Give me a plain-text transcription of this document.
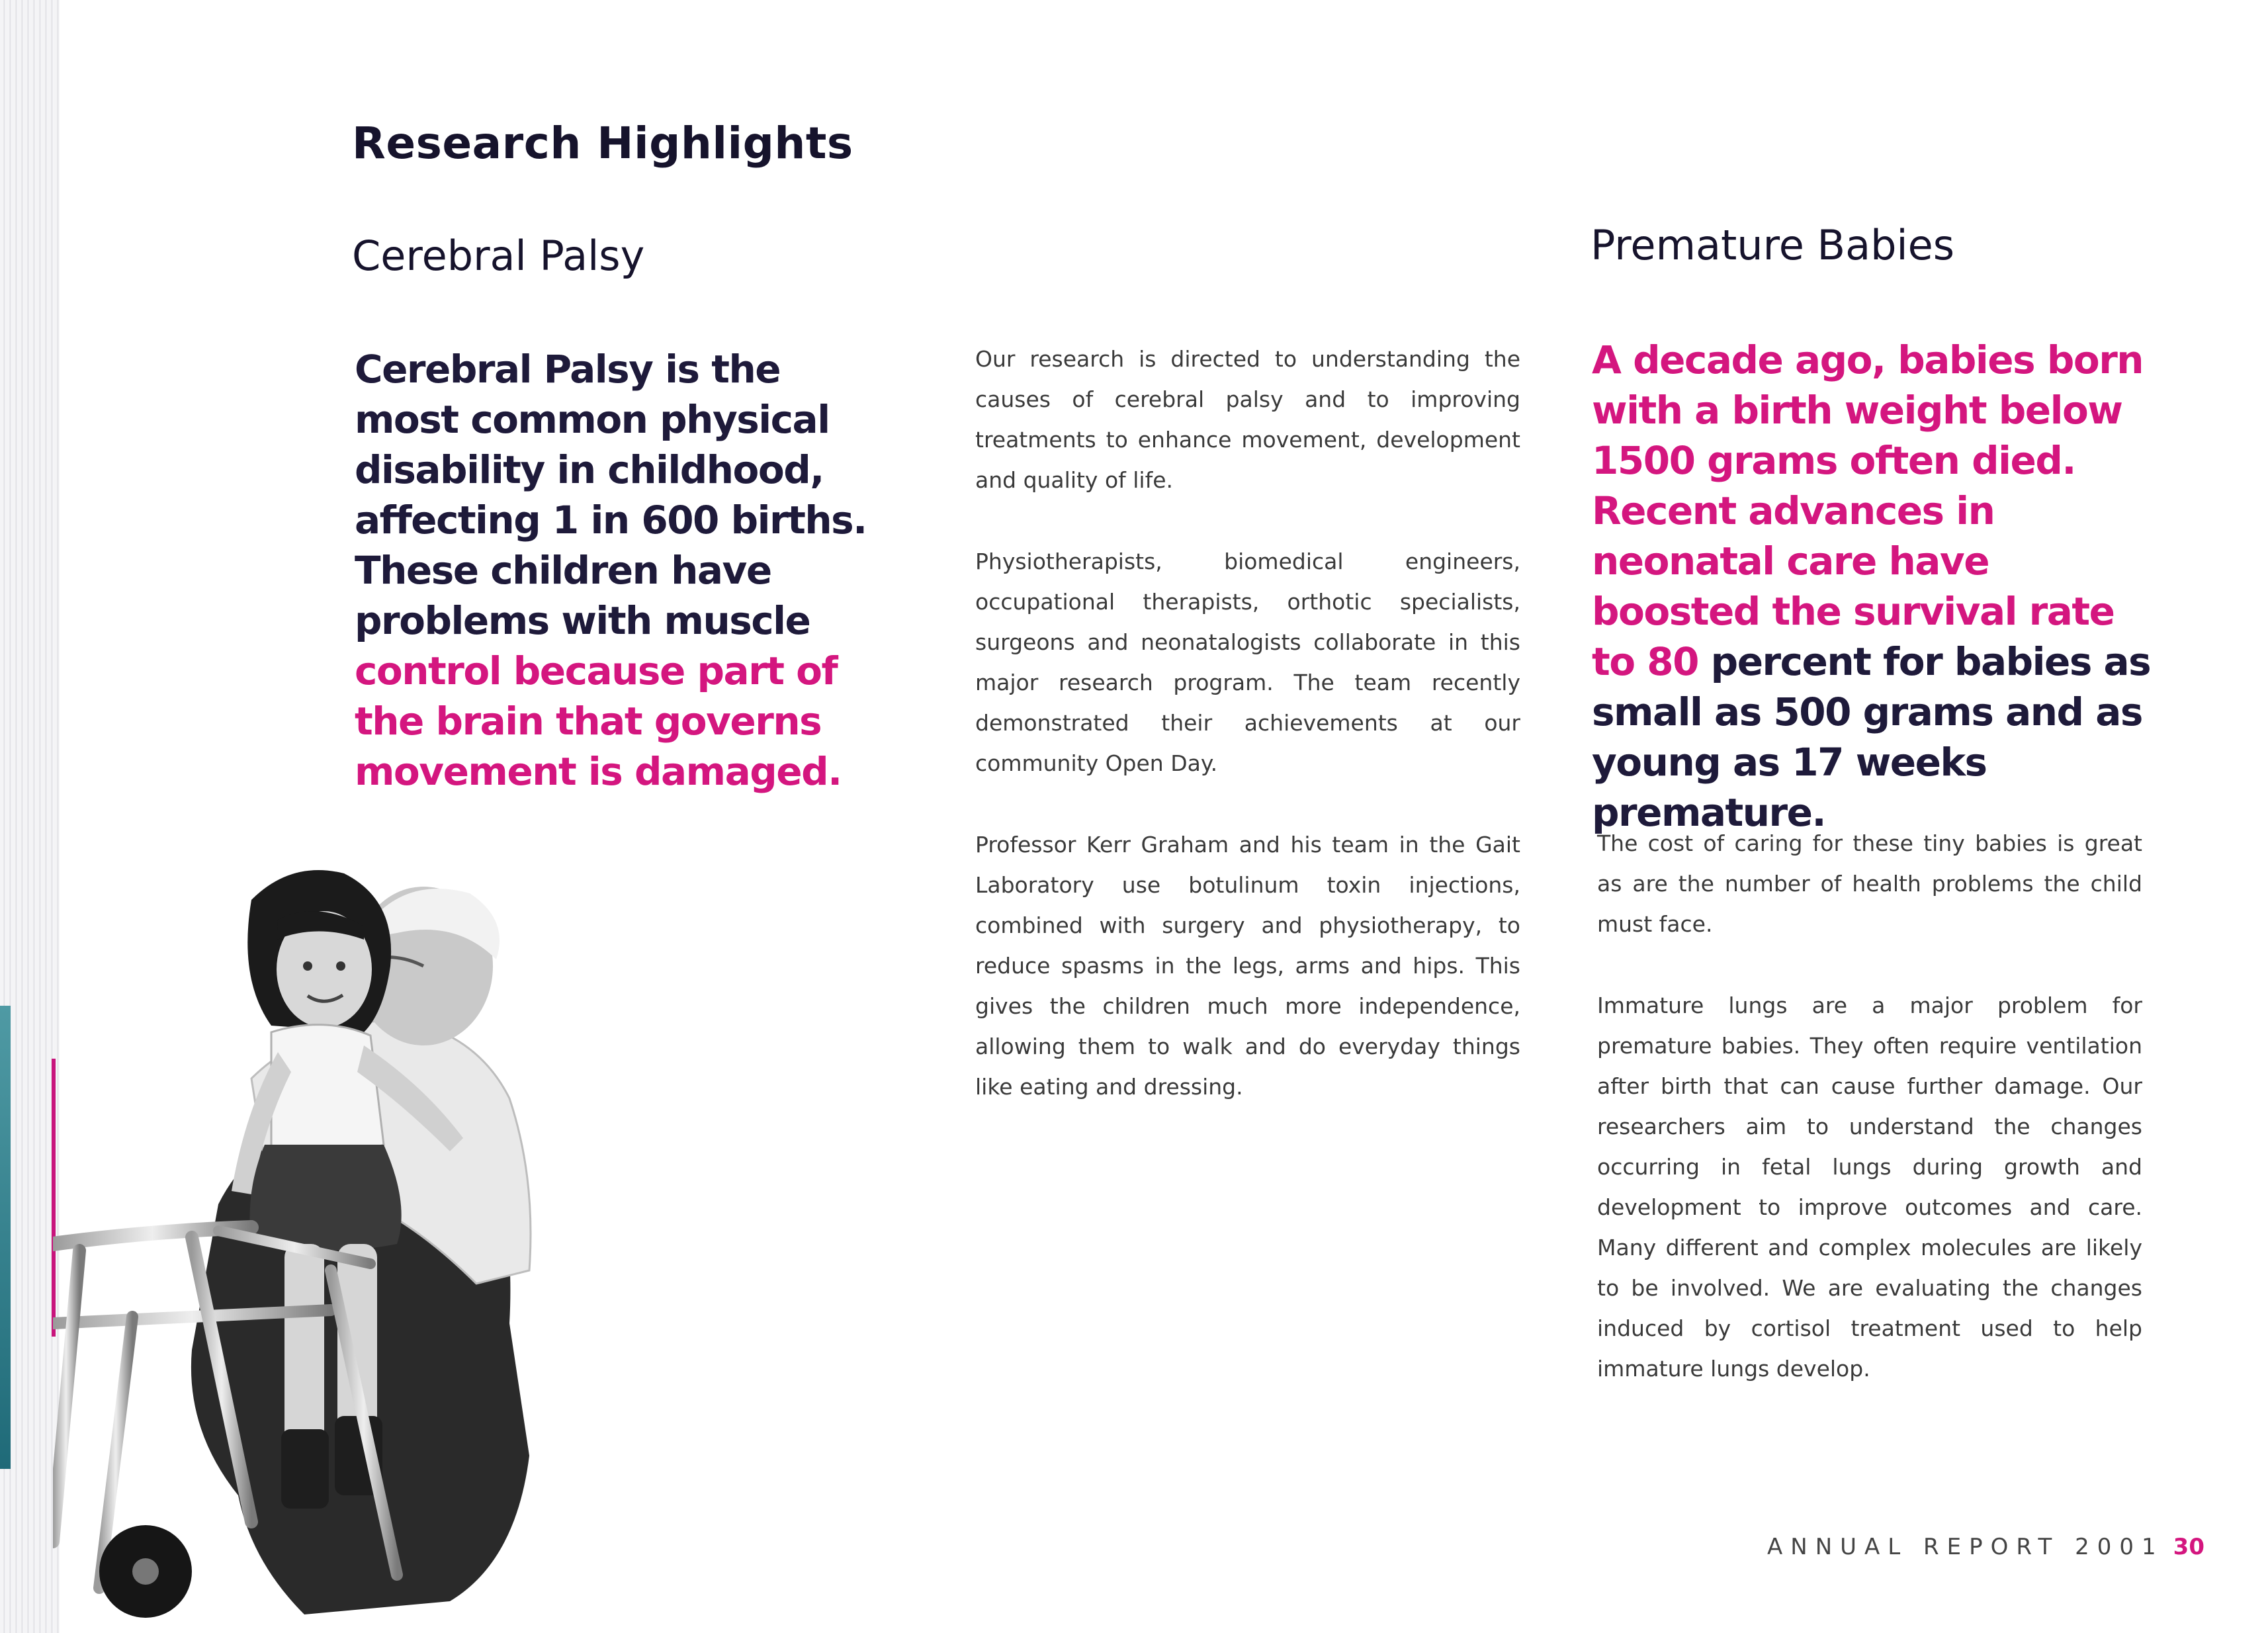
Research Highlights
Cerebral Palsy

Cerebral Palsy is the most common physical disability in childhood, affecting 1 in 600 births. These children have problems with muscle control because part of the brain that governs movement is damaged.

Our research is directed to understanding the causes of cerebral palsy and to improving treatments to enhance movement, development and quality of life.

Physiotherapists, biomedical engineers, occupational therapists, orthotic specialists, surgeons and neonatalogists collaborate in this major research program. The team recently demonstrated their achievements at our community Open Day.

Professor Kerr Graham and his team in the Gait Laboratory use botulinum toxin injections, combined with surgery and physiotherapy, to reduce spasms in the legs, arms and hips. This gives the children much more independence, allowing them to walk and do everyday things like eating and dressing.

Premature Babies

A decade ago, babies born with a birth weight below 1500 grams often died. Recent advances in neonatal care have boosted the survival rate to 80 percent for babies as small as 500 grams and as young as 17 weeks premature.

The cost of caring for these tiny babies is great as are the number of health problems the child must face.

Immature lungs are a major problem for premature babies. They often require ventilation after birth that can cause further damage. Our researchers aim to understand the changes occurring in fetal lungs during growth and development to improve outcomes and care. Many different and complex molecules are likely to be involved. We are evaluating the changes induced by cortisol treatment used to help immature lungs develop.

ANNUAL REPORT 2001 30
